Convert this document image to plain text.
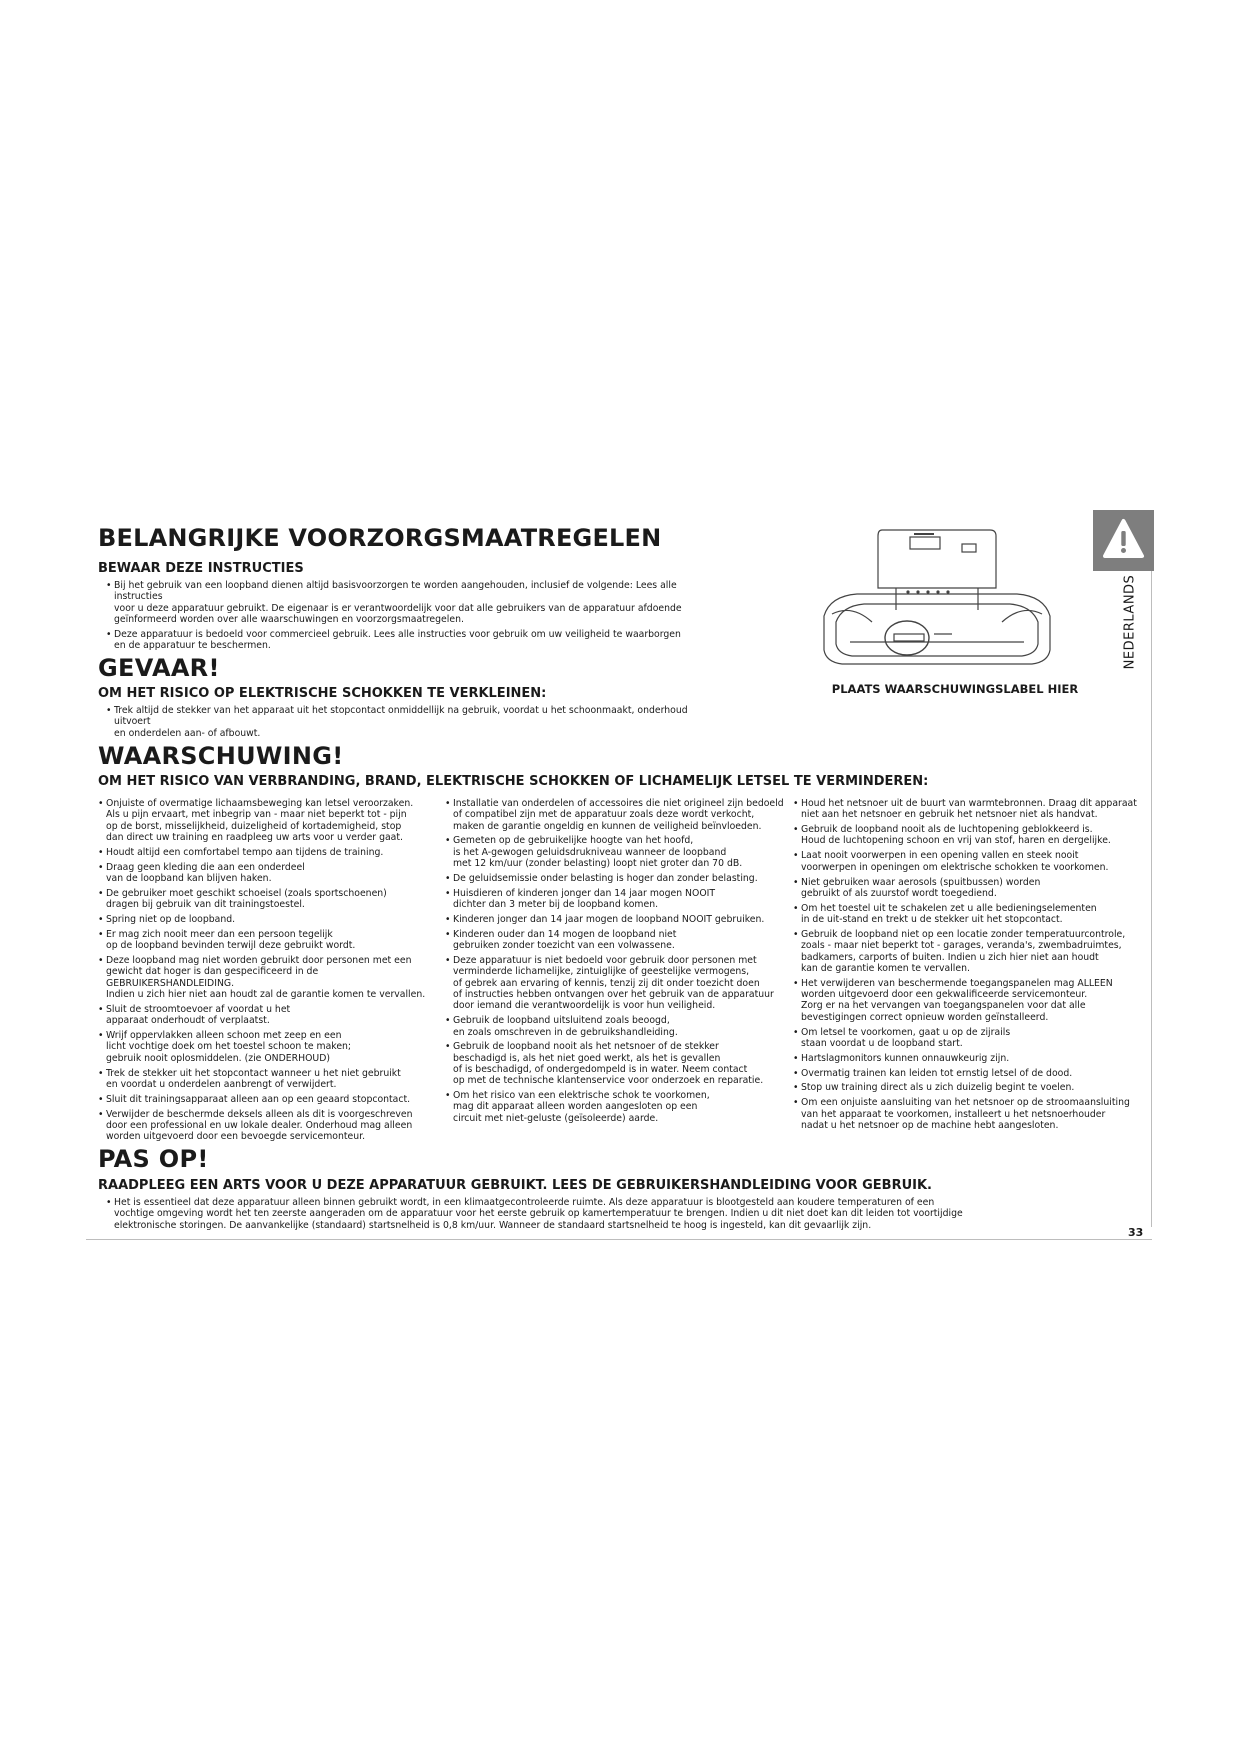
BELANGRIJKE VOORZORGSMAATREGELEN
BEWAAR DEZE INSTRUCTIES
• Bij het gebruik van een loopband dienen altijd basisvoorzorgen te worden aangehouden, inclusief de volgende: Lees alle instructies
voor u deze apparatuur gebruikt. De eigenaar is er verantwoordelijk voor dat alle gebruikers van de apparatuur afdoende
geïnformeerd worden over alle waarschuwingen en voorzorgsmaatregelen.
• Deze apparatuur is bedoeld voor commercieel gebruik. Lees alle instructies voor gebruik om uw veiligheid te waarborgen
en de apparatuur te beschermen.
GEVAAR!
OM HET RISICO OP ELEKTRISCHE SCHOKKEN TE VERKLEINEN:
• Trek altijd de stekker van het apparaat uit het stopcontact onmiddellijk na gebruik, voordat u het schoonmaakt, onderhoud uitvoert
en onderdelen aan- of afbouwt.
WAARSCHUWING!
OM HET RISICO VAN VERBRANDING, BRAND, ELEKTRISCHE SCHOKKEN OF LICHAMELIJK LETSEL TE VERMINDEREN:
• Onjuiste of overmatige lichaamsbeweging kan letsel veroorzaken.
Als u pijn ervaart, met inbegrip van - maar niet beperkt tot - pijn
op de borst, misselijkheid, duizeligheid of kortademigheid, stop
dan direct uw training en raadpleeg uw arts voor u verder gaat.
• Houdt altijd een comfortabel tempo aan tijdens de training.
• Draag geen kleding die aan een onderdeel
van de loopband kan blijven haken.
• De gebruiker moet geschikt schoeisel (zoals sportschoenen)
dragen bij gebruik van dit trainingstoestel.
• Spring niet op de loopband.
• Er mag zich nooit meer dan een persoon tegelijk
op de loopband bevinden terwijl deze gebruikt wordt.
• Deze loopband mag niet worden gebruikt door personen met een
gewicht dat hoger is dan gespecificeerd in de GEBRUIKERSHANDLEIDING.
Indien u zich hier niet aan houdt zal de garantie komen te vervallen.
• Sluit de stroomtoevoer af voordat u het
apparaat onderhoudt of verplaatst.
• Wrijf oppervlakken alleen schoon met zeep en een
licht vochtige doek om het toestel schoon te maken;
gebruik nooit oplosmiddelen. (zie ONDERHOUD)
• Trek de stekker uit het stopcontact wanneer u het niet gebruikt
en voordat u onderdelen aanbrengt of verwijdert.
• Sluit dit trainingsapparaat alleen aan op een geaard stopcontact.
• Verwijder de beschermde deksels alleen als dit is voorgeschreven
door een professional en uw lokale dealer. Onderhoud mag alleen
worden uitgevoerd door een bevoegde servicemonteur.
• Installatie van onderdelen of accessoires die niet origineel zijn bedoeld
of compatibel zijn met de apparatuur zoals deze wordt verkocht,
maken de garantie ongeldig en kunnen de veiligheid beïnvloeden.
• Gemeten op de gebruikelijke hoogte van het hoofd,
is het A-gewogen geluidsdrukniveau wanneer de loopband
met 12 km/uur (zonder belasting) loopt niet groter dan 70 dB.
• De geluidsemissie onder belasting is hoger dan zonder belasting.
• Huisdieren of kinderen jonger dan 14 jaar mogen NOOIT
dichter dan 3 meter bij de loopband komen.
• Kinderen jonger dan 14 jaar mogen de loopband NOOIT gebruiken.
• Kinderen ouder dan 14 mogen de loopband niet
gebruiken zonder toezicht van een volwassene.
• Deze apparatuur is niet bedoeld voor gebruik door personen met
verminderde lichamelijke, zintuiglijke of geestelijke vermogens,
of gebrek aan ervaring of kennis, tenzij zij dit onder toezicht doen
of instructies hebben ontvangen over het gebruik van de apparatuur
door iemand die verantwoordelijk is voor hun veiligheid.
• Gebruik de loopband uitsluitend zoals beoogd,
en zoals omschreven in de gebruikshandleiding.
• Gebruik de loopband nooit als het netsnoer of de stekker
beschadigd is, als het niet goed werkt, als het is gevallen
of is beschadigd, of ondergedompeld is in water. Neem contact
op met de technische klantenservice voor onderzoek en reparatie.
• Om het risico van een elektrische schok te voorkomen,
mag dit apparaat alleen worden aangesloten op een
circuit met niet-geluste (geïsoleerde) aarde.
• Houd het netsnoer uit de buurt van warmtebronnen. Draag dit apparaat
niet aan het netsnoer en gebruik het netsnoer niet als handvat.
• Gebruik de loopband nooit als de luchtopening geblokkeerd is.
Houd de luchtopening schoon en vrij van stof, haren en dergelijke.
• Laat nooit voorwerpen in een opening vallen en steek nooit
voorwerpen in openingen om elektrische schokken te voorkomen.
• Niet gebruiken waar aerosols (spuitbussen) worden
gebruikt of als zuurstof wordt toegediend.
• Om het toestel uit te schakelen zet u alle bedieningselementen
in de uit-stand en trekt u de stekker uit het stopcontact.
• Gebruik de loopband niet op een locatie zonder temperatuurcontrole,
zoals - maar niet beperkt tot - garages, veranda's, zwembadruimtes,
badkamers, carports of buiten. Indien u zich hier niet aan houdt
kan de garantie komen te vervallen.
• Het verwijderen van beschermende toegangspanelen mag ALLEEN
worden uitgevoerd door een gekwalificeerde servicemonteur.
Zorg er na het vervangen van toegangspanelen voor dat alle
bevestigingen correct opnieuw worden geïnstalleerd.
• Om letsel te voorkomen, gaat u op de zijrails
staan voordat u de loopband start.
• Hartslagmonitors kunnen onnauwkeurig zijn.
• Overmatig trainen kan leiden tot ernstig letsel of de dood.
• Stop uw training direct als u zich duizelig begint te voelen.
• Om een onjuiste aansluiting van het netsnoer op de stroomaansluiting
van het apparaat te voorkomen, installeert u het netsnoerhouder
nadat u het netsnoer op de machine hebt aangesloten.
PAS OP!
RAADPLEEG EEN ARTS VOOR U DEZE APPARATUUR GEBRUIKT. LEES DE GEBRUIKERSHANDLEIDING VOOR GEBRUIK.
• Het is essentieel dat deze apparatuur alleen binnen gebruikt wordt, in een klimaatgecontroleerde ruimte. Als deze apparatuur is blootgesteld aan koudere temperaturen of een
vochtige omgeving wordt het ten zeerste aangeraden om de apparatuur voor het eerste gebruik op kamertemperatuur te brengen. Indien u dit niet doet kan dit leiden tot voortijdige
elektronische storingen. De aanvankelijke (standaard) startsnelheid is 0,8 km/uur. Wanneer de standaard startsnelheid te hoog is ingesteld, kan dit gevaarlijk zijn.

PLAATS WAARSCHUWINGSLABEL HIER

NEDERLANDS
33
